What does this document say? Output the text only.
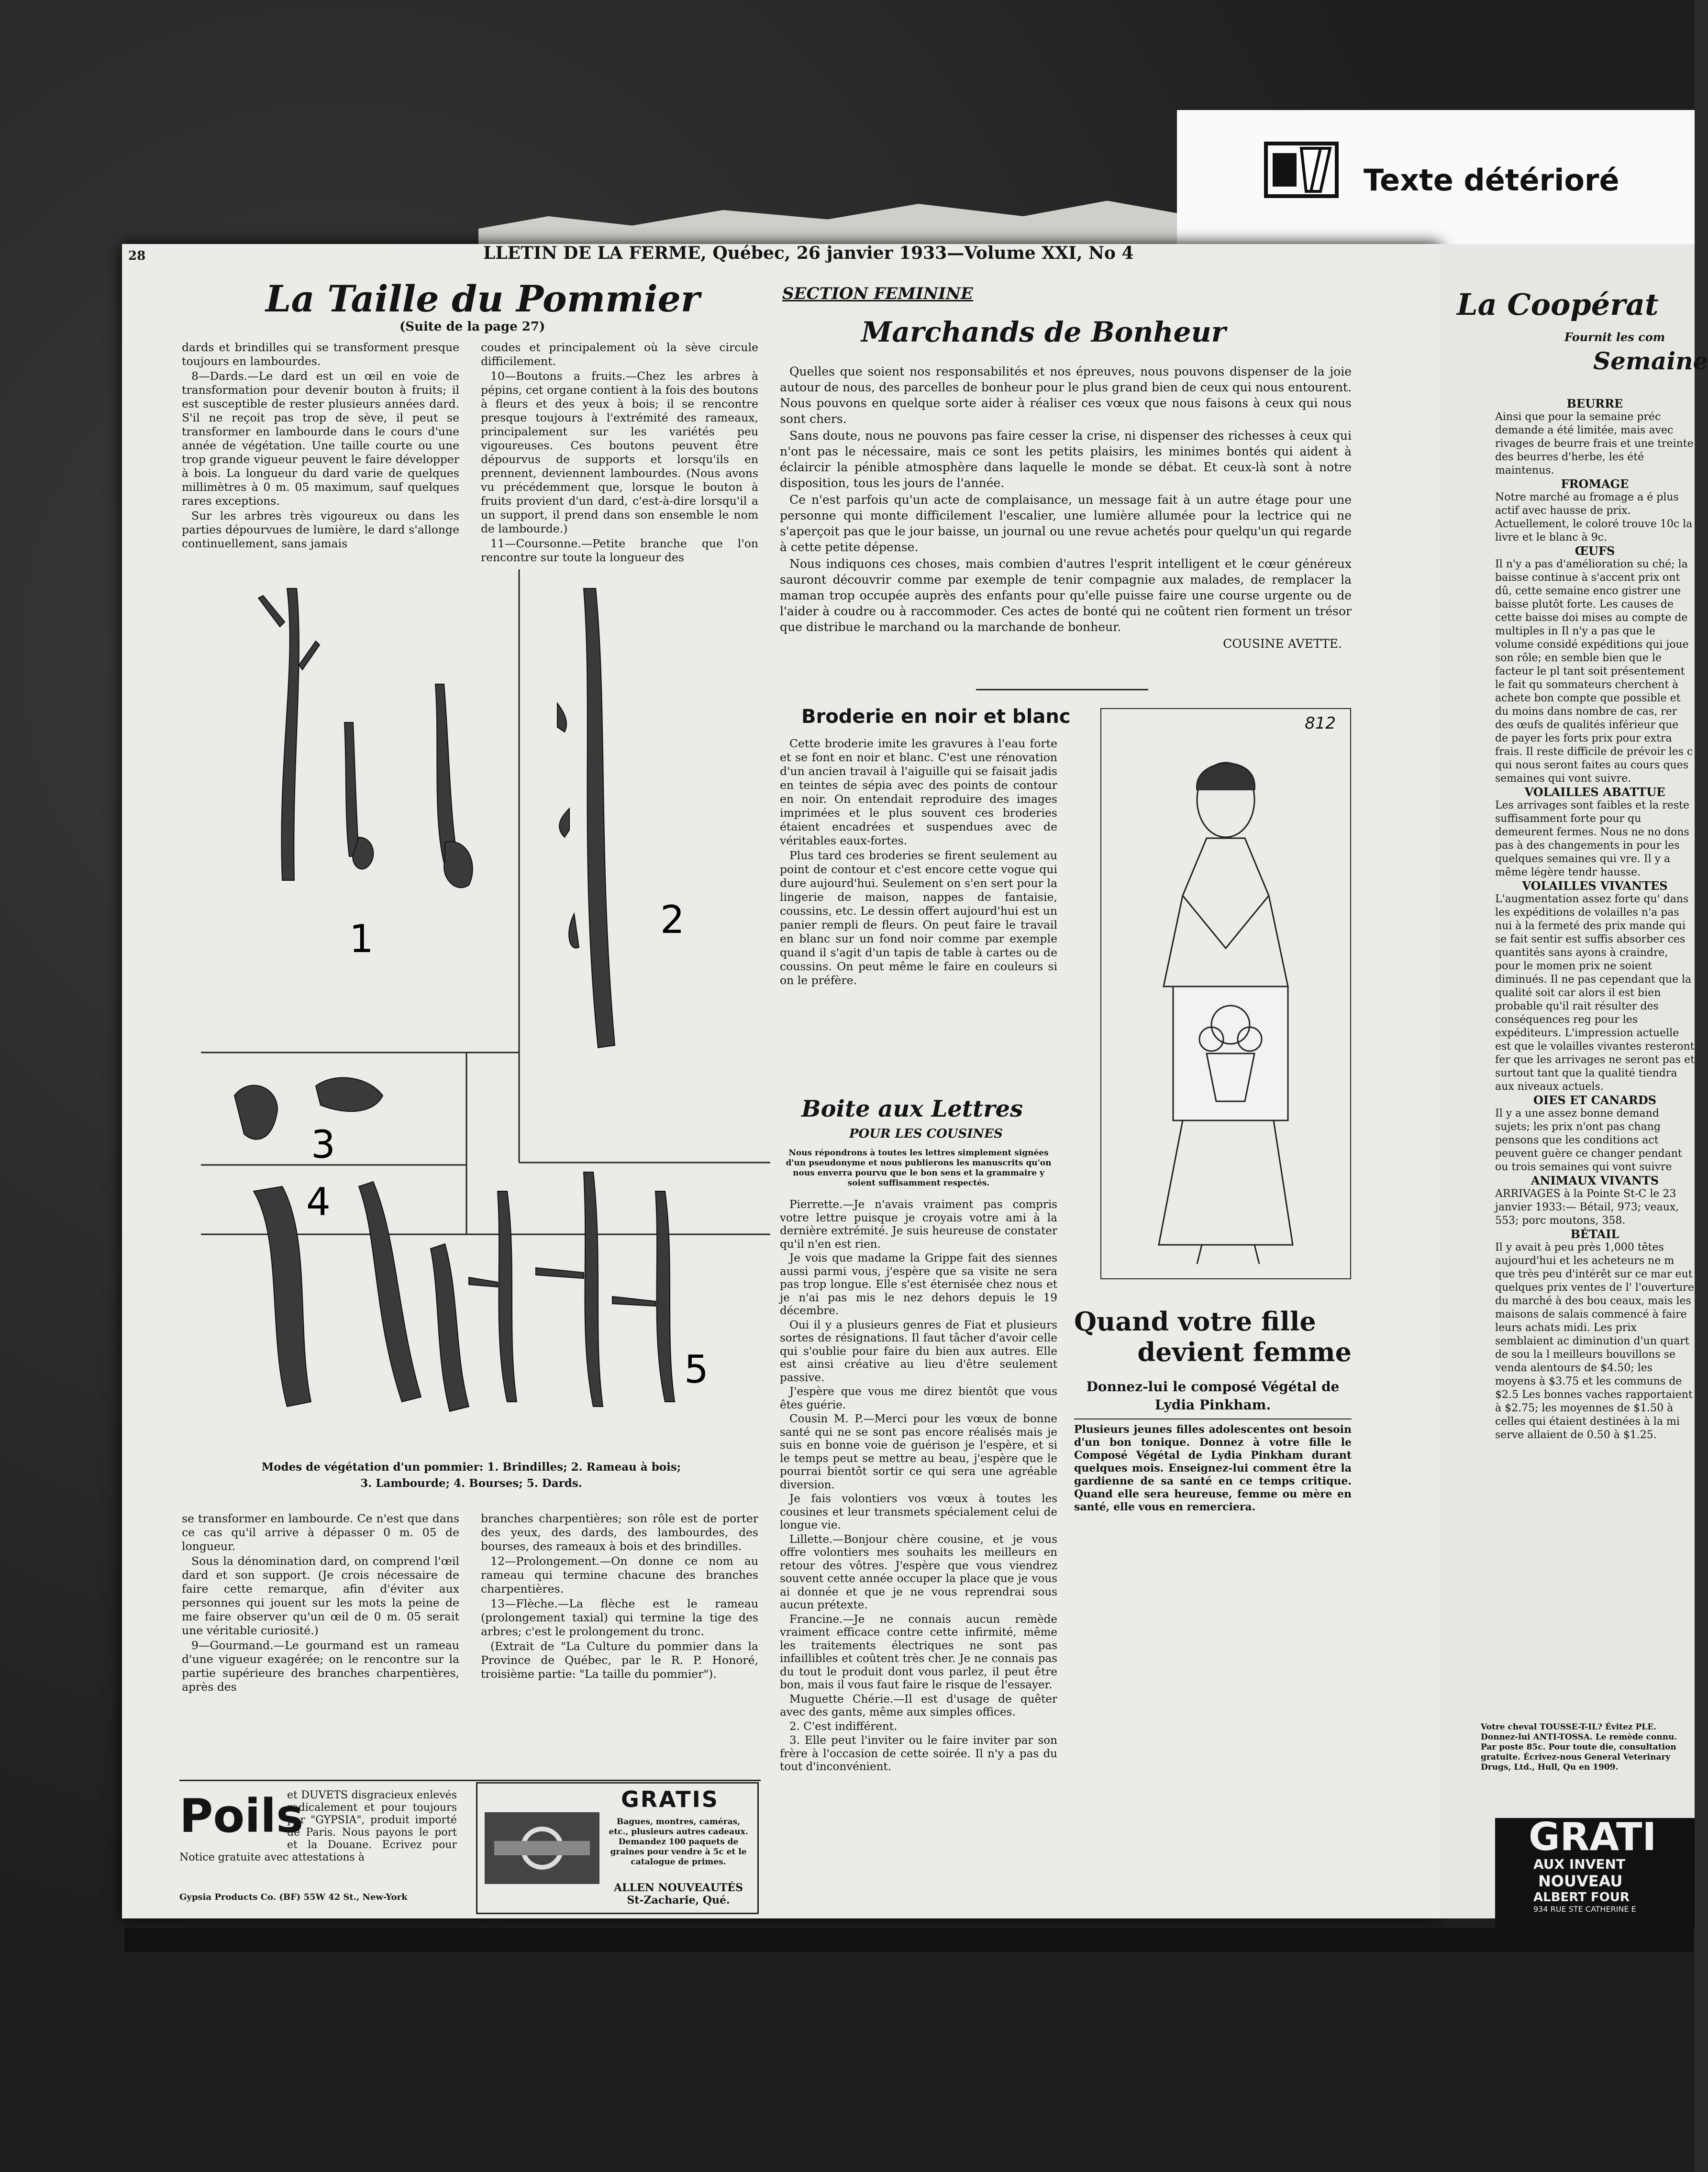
Texte détérioré
28	LLETIN DE LA FERME, Québec, 26 janvier 1933—Volume XXI, No 4
La Taille du Pommier
(Suite de la page 27)

dards et brindilles qui se transforment presque toujours en lambourdes.

8—Dards.—Le dard est un œil en voie de transformation pour devenir bouton à fruits; il est susceptible de rester plusieurs années dard. S'il ne reçoit pas trop de sève, il peut se transformer en lambourde dans le cours d'une année de végétation. Une taille courte ou une trop grande vigueur peuvent le faire développer à bois. La longueur du dard varie de quelques millimètres à 0 m. 05 maximum, sauf quelques rares exceptions.

Sur les arbres très vigoureux ou dans les parties dépourvues de lumière, le dard s'allonge continuellement, sans jamais

coudes et principalement où la sève circule difficilement.

10—Boutons a fruits.—Chez les arbres à pépins, cet organe contient à la fois des boutons à fleurs et des yeux à bois; il se rencontre presque toujours à l'extrémité des rameaux, principalement sur les variétés peu vigoureuses. Ces boutons peuvent être dépourvus de supports et lorsqu'ils en prennent, deviennent lambourdes. (Nous avons vu précédemment que, lorsque le bouton à fruits provient d'un dard, c'est-à-dire lorsqu'il a un support, il prend dans son ensemble le nom de lambourde.)

11—Coursonne.—Petite branche que l'on rencontre sur toute la longueur des

1	2
3
4
5
Modes de végétation d'un pommier: 1. Brindilles; 2. Rameau à bois;
3. Lambourde; 4. Bourses; 5. Dards.

se transformer en lambourde. Ce n'est que dans ce cas qu'il arrive à dépasser 0 m. 05 de longueur.

Sous la dénomination dard, on comprend l'œil dard et son support. (Je crois nécessaire de faire cette remarque, afin d'éviter aux personnes qui jouent sur les mots la peine de me faire observer qu'un œil de 0 m. 05 serait une véritable curiosité.)

9—Gourmand.—Le gourmand est un rameau d'une vigueur exagérée; on le rencontre sur la partie supérieure des branches charpentières, après des

branches charpentières; son rôle est de porter des yeux, des dards, des lambourdes, des bourses, des rameaux à bois et des brindilles.

12—Prolongement.—On donne ce nom au rameau qui termine chacune des branches charpentières.

13—Flèche.—La flèche est le rameau (prolongement taxial) qui termine la tige des arbres; c'est le prolongement du tronc.

(Extrait de "La Culture du pommier dans la Province de Québec, par le R. P. Honoré, troisième partie: "La taille du pommier").

Poils
et DUVETS disgracieux enlevés radicalement et pour toujours par "GYPSIA", produit importé de Paris. Nous payons le port et la Douane. Ecrivez pour Notice gratuite avec attestations à
Gypsia Products Co. (BF) 55W 42 St., New-York
GRATIS
Bagues, montres, caméras, etc., plusieurs autres cadeaux. Demandez 100 paquets de graines pour vendre à 5c et le catalogue de primes.
ALLEN NOUVEAUTÉS St-Zacharie, Qué.
SECTION FEMININE
Marchands de Bonheur

Quelles que soient nos responsabilités et nos épreuves, nous pouvons dispenser de la joie autour de nous, des parcelles de bonheur pour le plus grand bien de ceux qui nous entourent. Nous pouvons en quelque sorte aider à réaliser ces vœux que nous faisons à ceux qui nous sont chers.

Sans doute, nous ne pouvons pas faire cesser la crise, ni dispenser des richesses à ceux qui n'ont pas le nécessaire, mais ce sont les petits plaisirs, les minimes bontés qui aident à éclaircir la pénible atmosphère dans laquelle le monde se débat. Et ceux-là sont à notre disposition, tous les jours de l'année.

Ce n'est parfois qu'un acte de complaisance, un message fait à un autre étage pour une personne qui monte difficilement l'escalier, une lumière allumée pour la lectrice qui ne s'aperçoit pas que le jour baisse, un journal ou une revue achetés pour quelqu'un qui regarde à cette petite dépense.

Nous indiquons ces choses, mais combien d'autres l'esprit intelligent et le cœur généreux sauront découvrir comme par exemple de tenir compagnie aux malades, de remplacer la maman trop occupée auprès des enfants pour qu'elle puisse faire une course urgente ou de l'aider à coudre ou à raccommoder. Ces actes de bonté qui ne coûtent rien forment un trésor que distribue le marchand ou la marchande de bonheur.

COUSINE AVETTE.
Broderie en noir et blanc

Cette broderie imite les gravures à l'eau forte et se font en noir et blanc. C'est une rénovation d'un ancien travail à l'aiguille qui se faisait jadis en teintes de sépia avec des points de contour en noir. On entendait reproduire des images imprimées et le plus souvent ces broderies étaient encadrées et suspendues avec de véritables eaux-fortes.

Plus tard ces broderies se firent seulement au point de contour et c'est encore cette vogue qui dure aujourd'hui. Seulement on s'en sert pour la lingerie de maison, nappes de fantaisie, coussins, etc. Le dessin offert aujourd'hui est un panier rempli de fleurs. On peut faire le travail en blanc sur un fond noir comme par exemple quand il s'agit d'un tapis de table à cartes ou de coussins. On peut même le faire en couleurs si on le préfère.

Boite aux Lettres
POUR LES COUSINES
Nous répondrons à toutes les lettres simplement signées d'un pseudonyme et nous publierons les manuscrits qu'on nous enverra pourvu que le bon sens et la grammaire y soient suffisamment respectés.

Pierrette.—Je n'avais vraiment pas compris votre lettre puisque je croyais votre ami à la dernière extrémité. Je suis heureuse de constater qu'il n'en est rien.

Je vois que madame la Grippe fait des siennes aussi parmi vous, j'espère que sa visite ne sera pas trop longue. Elle s'est éternisée chez nous et je n'ai pas mis le nez dehors depuis le 19 décembre.

Oui il y a plusieurs genres de Fiat et plusieurs sortes de résignations. Il faut tâcher d'avoir celle qui s'oublie pour faire du bien aux autres. Elle est ainsi créative au lieu d'être seulement passive.

J'espère que vous me direz bientôt que vous êtes guérie.

Cousin M. P.—Merci pour les vœux de bonne santé qui ne se sont pas encore réalisés mais je suis en bonne voie de guérison je l'espère, et si le temps peut se mettre au beau, j'espère que le pourrai bientôt sortir ce qui sera une agréable diversion.

Je fais volontiers vos vœux à toutes les cousines et leur transmets spécialement celui de longue vie.

Lillette.—Bonjour chère cousine, et je vous offre volontiers mes souhaits les meilleurs en retour des vôtres. J'espère que vous viendrez souvent cette année occuper la place que je vous ai donnée et que je ne vous reprendrai sous aucun prétexte.

Francine.—Je ne connais aucun remède vraiment efficace contre cette infirmité, même les traitements électriques ne sont pas infaillibles et coûtent très cher. Je ne connais pas du tout le produit dont vous parlez, il peut être bon, mais il vous faut faire le risque de l'essayer.

Muguette Chérie.—Il est d'usage de quêter avec des gants, même aux simples offices.

2. C'est indifférent.

3. Elle peut l'inviter ou le faire inviter par son frère à l'occasion de cette soirée. Il n'y a pas du tout d'inconvénient.

812
Quand votre fille
devient femme
Donnez-lui le composé Végétal de Lydia Pinkham.
Plusieurs jeunes filles adolescentes ont besoin d'un bon tonique. Donnez à votre fille le Composé Végétal de Lydia Pinkham durant quelques mois. Enseignez-lui comment être la gardienne de sa santé en ce temps critique. Quand elle sera heureuse, femme ou mère en santé, elle vous en remerciera.
La Coopérat
Fournit les com
Semaine
BEURRE
Ainsi que pour la semaine préc demande a été limitée, mais avec rivages de beurre frais et une treinte des beurres d'herbe, les été maintenus.
FROMAGE
Notre marché au fromage a é plus actif avec hausse de prix. Actuellement, le coloré trouve 10c la livre et le blanc à 9c.
ŒUFS
Il n'y a pas d'amélioration su ché; la baisse continue à s'accent prix ont dû, cette semaine enco gistrer une baisse plutôt forte. Les causes de cette baisse doi mises au compte de multiples in Il n'y a pas que le volume considé expéditions qui joue son rôle; en semble bien que le facteur le pl tant soit présentement le fait qu sommateurs cherchent à achete bon compte que possible et du moins dans nombre de cas, rer des œufs de qualités inférieur que de payer les forts prix pour extra frais. Il reste difficile de prévoir les c qui nous seront faites au cours ques semaines qui vont suivre.
VOLAILLES ABATTUE
Les arrivages sont faibles et la reste suffisamment forte pour qu demeurent fermes. Nous ne no dons pas à des changements in pour les quelques semaines qui vre. Il y a même légère tendr hausse.
VOLAILLES VIVANTES
L'augmentation assez forte qu' dans les expéditions de volailles n'a pas nui à la fermeté des prix mande qui se fait sentir est suffis absorber ces quantités sans ayons à craindre, pour le momen prix ne soient diminués. Il ne pas cependant que la qualité soit car alors il est bien probable qu'il rait résulter des conséquences reg pour les expéditeurs. L'impression actuelle est que le volailles vivantes resteront fer que les arrivages ne seront pas et surtout tant que la qualité tiendra aux niveaux actuels.
OIES ET CANARDS
Il y a une assez bonne demand sujets; les prix n'ont pas chang pensons que les conditions act peuvent guère ce changer pendant ou trois semaines qui vont suivre
ANIMAUX VIVANTS
ARRIVAGES à la Pointe St-C le 23 janvier 1933:— Bétail, 973; veaux, 553; porc moutons, 358.
BÉTAIL
Il y avait à peu près 1,000 têtes aujourd'hui et les acheteurs ne m que très peu d'intérêt sur ce mar eut quelques prix ventes de l' l'ouverture du marché à des bou ceaux, mais les maisons de salais commencé à faire leurs achats midi. Les prix semblaient ac diminution d'un quart de sou la l meilleurs bouvillons se venda alentours de $4.50; les moyens à $3.75 et les communs de $2.5 Les bonnes vaches rapportaient à $2.75; les moyennes de $1.50 à celles qui étaient destinées à la mi serve allaient de 0.50 à $1.25.
Votre cheval TOUSSE-T-IL? Évitez PLE. Donnez-lui ANTI-TOSSA. Le remède connu. Par poste 85c. Pour toute die, consultation gratuite. Écrivez-nous General Veterinary Drugs, Ltd., Hull, Qu en 1909.
GRATI
AUX INVENT
NOUVEAU
ALBERT FOUR
934 RUE STE CATHERINE E
